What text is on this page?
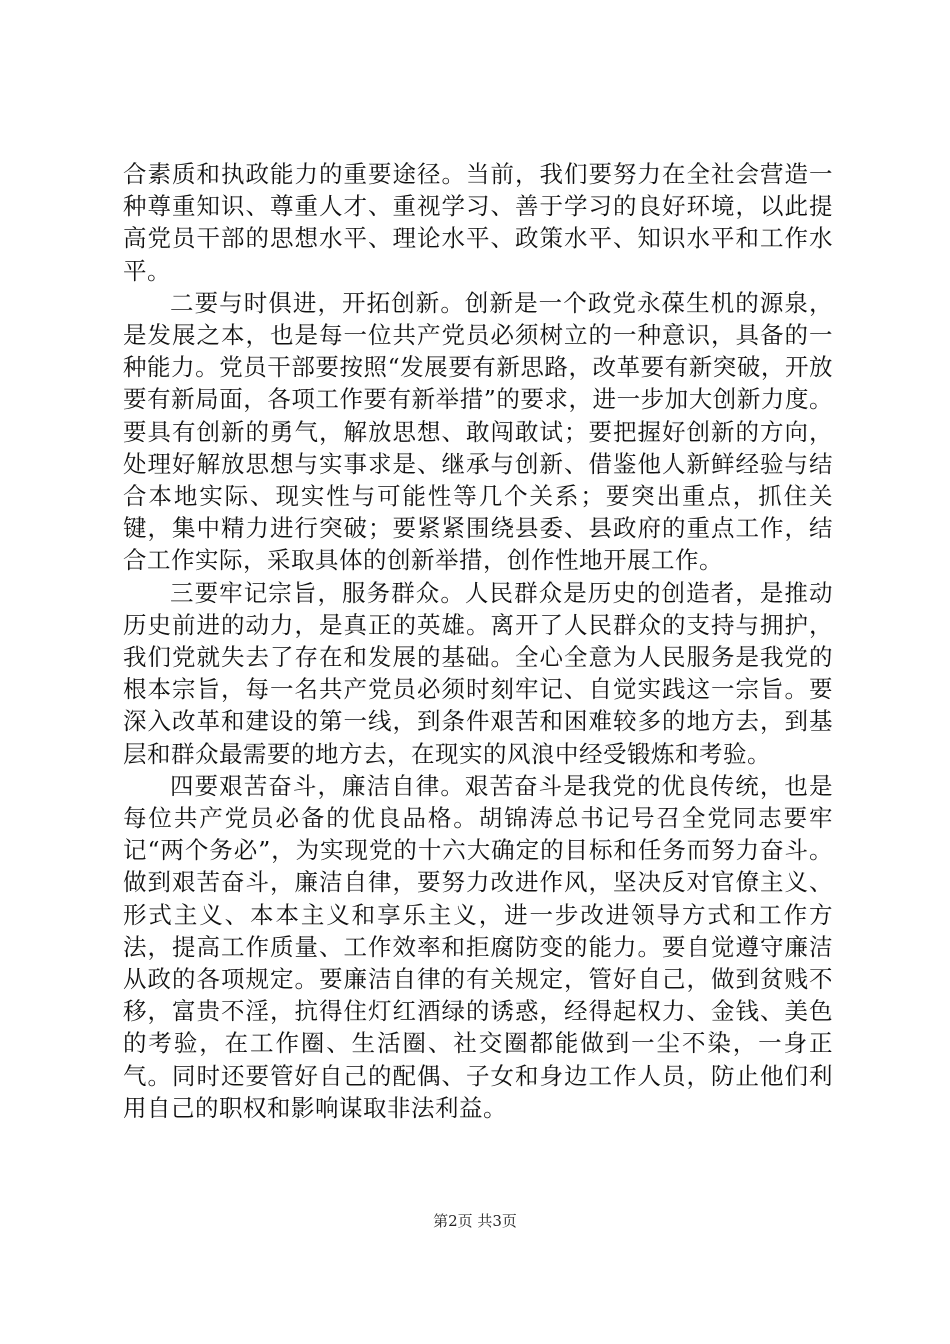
合素质和执政能力的重要途径。当前，我们要努力在全社会营造一种尊重知识、尊重人才、重视学习、善于学习的良好环境，以此提高党员干部的思想水平、理论水平、政策水平、知识水平和工作水平。

二要与时俱进，开拓创新。创新是一个政党永葆生机的源泉，是发展之本，也是每一位共产党员必须树立的一种意识，具备的一种能力。党员干部要按照“发展要有新思路，改革要有新突破，开放要有新局面，各项工作要有新举措”的要求，进一步加大创新力度。要具有创新的勇气，解放思想、敢闯敢试；要把握好创新的方向，处理好解放思想与实事求是、继承与创新、借鉴他人新鲜经验与结合本地实际、现实性与可能性等几个关系；要突出重点，抓住关键，集中精力进行突破；要紧紧围绕县委、县政府的重点工作，结合工作实际，采取具体的创新举措，创作性地开展工作。

三要牢记宗旨，服务群众。人民群众是历史的创造者，是推动历史前进的动力，是真正的英雄。离开了人民群众的支持与拥护，我们党就失去了存在和发展的基础。全心全意为人民服务是我党的根本宗旨，每一名共产党员必须时刻牢记、自觉实践这一宗旨。要深入改革和建设的第一线，到条件艰苦和困难较多的地方去，到基层和群众最需要的地方去，在现实的风浪中经受锻炼和考验。

四要艰苦奋斗，廉洁自律。艰苦奋斗是我党的优良传统，也是每位共产党员必备的优良品格。胡锦涛总书记号召全党同志要牢记“两个务必”，为实现党的十六大确定的目标和任务而努力奋斗。做到艰苦奋斗，廉洁自律，要努力改进作风，坚决反对官僚主义、形式主义、本本主义和享乐主义，进一步改进领导方式和工作方法，提高工作质量、工作效率和拒腐防变的能力。要自觉遵守廉洁从政的各项规定。要廉洁自律的有关规定，管好自己，做到贫贱不移，富贵不淫，抗得住灯红酒绿的诱惑，经得起权力、金钱、美色的考验，在工作圈、生活圈、社交圈都能做到一尘不染，一身正气。同时还要管好自己的配偶、子女和身边工作人员，防止他们利用自己的职权和影响谋取非法利益。

第2页 共3页
